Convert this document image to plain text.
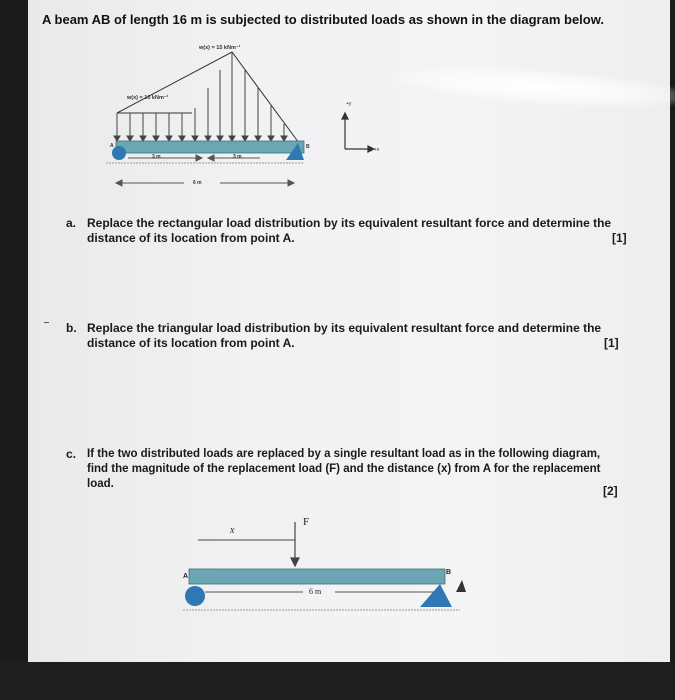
A beam AB of length 16 m is subjected to distributed loads as shown in the diagram below.
w(x) = 15 kNm⁻¹
w(x) = 10 kNm⁻¹
A	B
3 m	3 m
6 m
+y
+x
a. Replace the rectangular load distribution by its equivalent resultant force and determine the
distance of its location from point A.	[1]
b. Replace the triangular load distribution by its equivalent resultant force and determine the
distance of its location from point A.	[1]
c. If the two distributed loads are replaced by a single resultant load as in the following diagram,
find the magnitude of the replacement load (F) and the distance (x) from A for the replacement
load.	[2]
x
F
A
B
6 m
